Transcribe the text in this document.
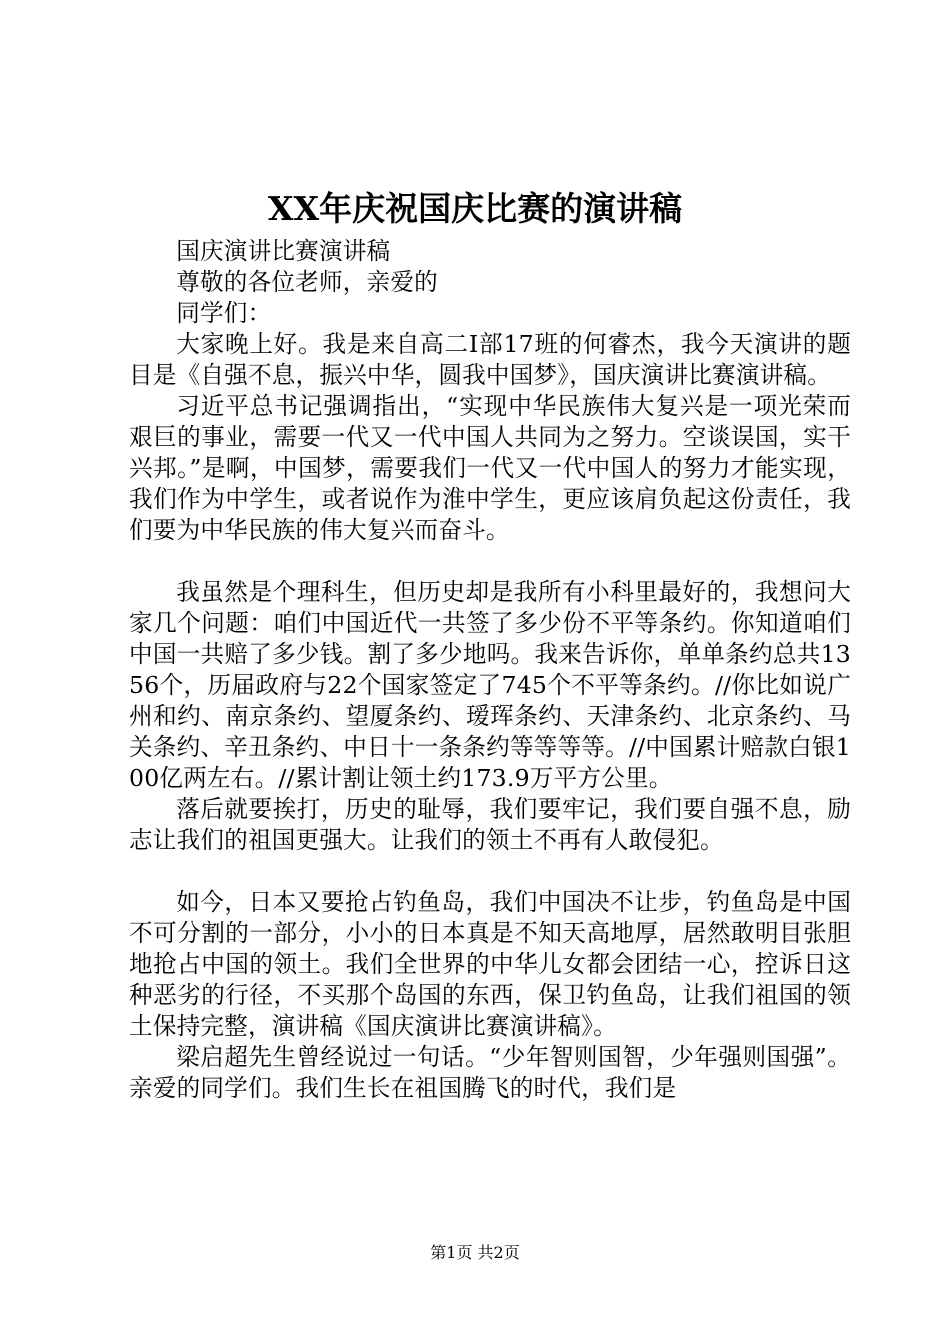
XX年庆祝国庆比赛的演讲稿

国庆演讲比赛演讲稿

尊敬的各位老师，亲爱的

同学们：

大家晚上好。我是来自高二Ⅰ部17班的何睿杰，我今天演讲的题目是《自强不息，振兴中华，圆我中国梦》，国庆演讲比赛演讲稿。

习近平总书记强调指出，“实现中华民族伟大复兴是一项光荣而艰巨的事业，需要一代又一代中国人共同为之努力。空谈误国，实干兴邦。”是啊，中国梦，需要我们一代又一代中国人的努力才能实现，我们作为中学生，或者说作为淮中学生，更应该肩负起这份责任，我们要为中华民族的伟大复兴而奋斗。

我虽然是个理科生，但历史却是我所有小科里最好的，我想问大家几个问题：咱们中国近代一共签了多少份不平等条约。你知道咱们中国一共赔了多少钱。割了多少地吗。我来告诉你，单单条约总共1356个，历届政府与22个国家签定了745个不平等条约。//你比如说广州和约、南京条约、望厦条约、瑷珲条约、天津条约、北京条约、马关条约、辛丑条约、中日十一条条约等等等等。//中国累计赔款白银100亿两左右。//累计割让领土约173.9万平方公里。

落后就要挨打，历史的耻辱，我们要牢记，我们要自强不息，励志让我们的祖国更强大。让我们的领土不再有人敢侵犯。

如今，日本又要抢占钓鱼岛，我们中国决不让步，钓鱼岛是中国不可分割的一部分，小小的日本真是不知天高地厚，居然敢明目张胆地抢占中国的领土。我们全世界的中华儿女都会团结一心，控诉日这种恶劣的行径，不买那个岛国的东西，保卫钓鱼岛，让我们祖国的领土保持完整，演讲稿《国庆演讲比赛演讲稿》。

梁启超先生曾经说过一句话。“少年智则国智，少年强则国强”。亲爱的同学们。我们生长在祖国腾飞的时代，我们是

第1页 共2页
